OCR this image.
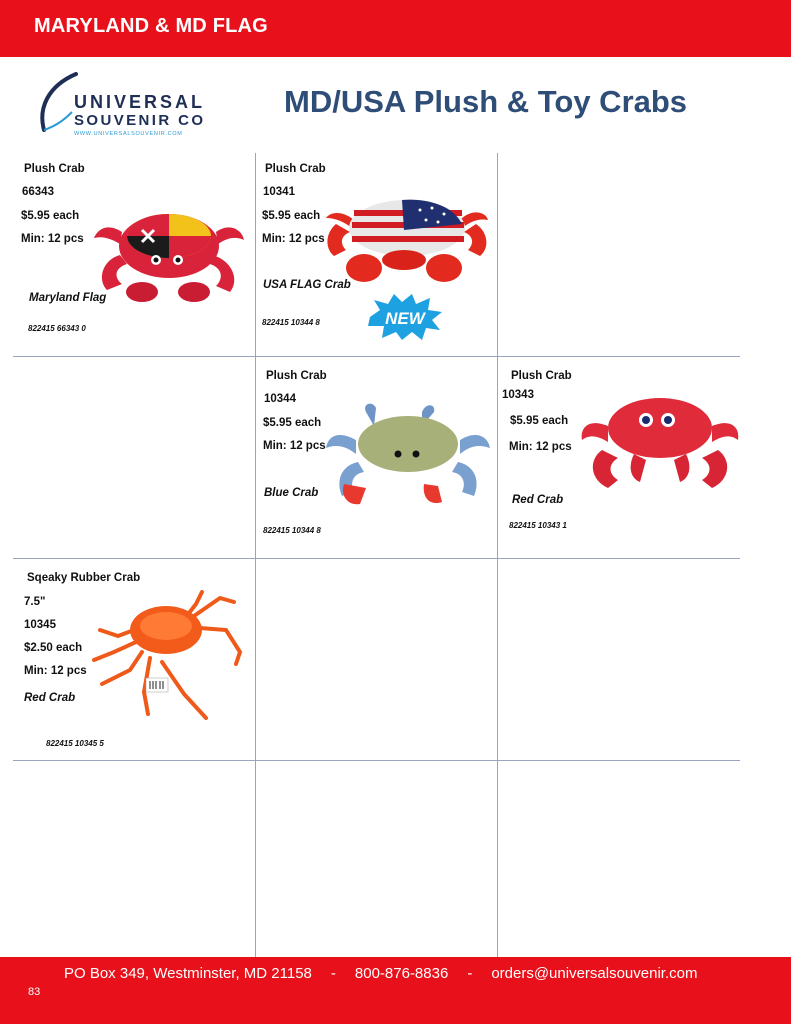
MARYLAND & MD FLAG
UNIVERSAL
SOUVENIR CO
WWW.UNIVERSALSOUVENIR.COM
MD/USA Plush & Toy Crabs
Plush Crab
66343
$5.95 each
Min: 12 pcs
Maryland Flag
822415 66343 0
Plush Crab
10341
$5.95 each
Min: 12 pcs
USA FLAG Crab
822415 10344 8	NEW
Plush Crab
10344
$5.95 each
Min: 12 pcs
Blue Crab
822415 10344 8
Plush Crab
10343
$5.95 each
Min: 12 pcs
Red Crab
822415 10343 1
Sqeaky Rubber Crab
7.5"
10345
$2.50 each
Min: 12 pcs
Red Crab
822415 10345 5
PO Box 349, Westminster, MD 21158 - 800-876-8836 - orders@universalsouvenir.com
83
